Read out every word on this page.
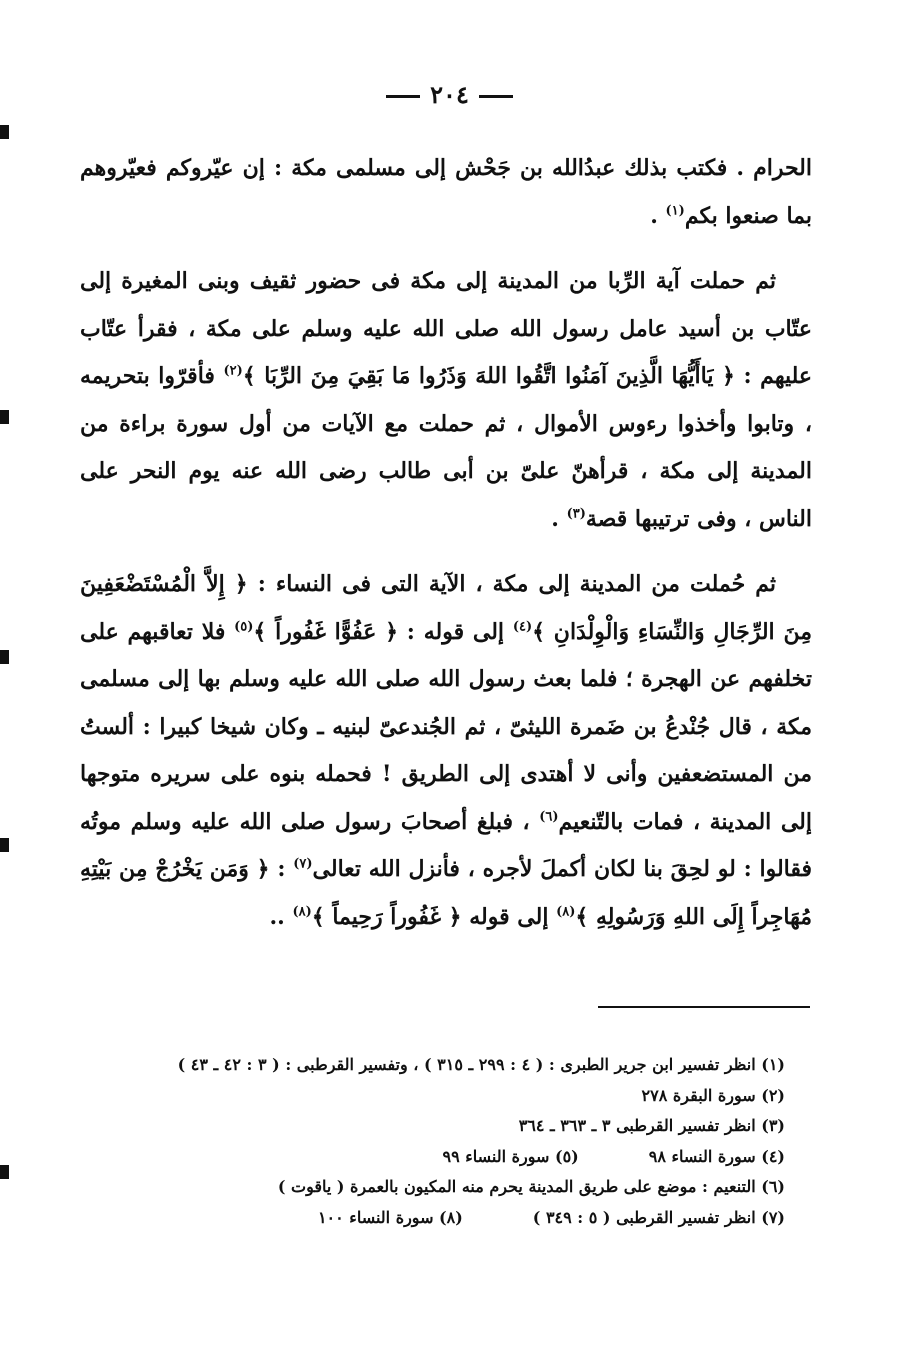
٢٠٤

الحرام . فكتب بذلك عبدُالله بن جَحْش إلى مسلمى مكة : إن عيّروكم فعيّروهم بما صنعوا بكم$^{(١)}$ .

ثم حملت آية الرِّبا من المدينة إلى مكة فى حضور ثقيف وبنى المغيرة إلى عتّاب بن أسيد عامل رسول الله صلى الله عليه وسلم على مكة ، فقرأ عتّاب عليهم : ﴿ يَاأَيُّهَا الَّذِينَ آمَنُوا اتَّقُوا اللهَ وَذَرُوا مَا بَقِيَ مِنَ الرِّبَا ﴾$^{(٢)}$ فأقرّوا بتحريمه ، وتابوا وأخذوا رءوس الأموال ، ثم حملت مع الآيات من أول سورة براءة من المدينة إلى مكة ، قرأهنّ علىّ بن أبى طالب رضى الله عنه يوم النحر على الناس ، وفى ترتيبها قصة$^{(٣)}$ .

ثم حُملت من المدينة إلى مكة ، الآية التى فى النساء : ﴿ إِلاَّ الْمُسْتَضْعَفِينَ مِنَ الرِّجَالِ وَالنِّسَاءِ وَالْوِلْدَانِ ﴾$^{(٤)}$ إلى قوله : ﴿ عَفُوًّا غَفُوراً ﴾$^{(٥)}$ فلا تعاقبهم على تخلفهم عن الهجرة ؛ فلما بعث رسول الله صلى الله عليه وسلم بها إلى مسلمى مكة ، قال جُنْدعُ بن ضَمرة الليثىّ ، ثم الجُندعىّ لبنيه ـ وكان شيخا كبيرا : ألستُ من المستضعفين وأنى لا أهتدى إلى الطريق ! فحمله بنوه على سريره متوجها إلى المدينة ، فمات بالتّنعيم$^{(٦)}$ ، فبلغ أصحابَ رسول صلى الله عليه وسلم موتُه فقالوا : لو لحِقَ بنا لكان أكملَ لأجره ، فأنزل الله تعالى$^{(٧)}$ : ﴿ وَمَن يَخْرُجْ مِن بَيْتِهِ مُهَاجِراً إِلَى اللهِ وَرَسُولِهِ ﴾$^{(٨)}$ إلى قوله ﴿ غَفُوراً رَحِيماً ﴾$^{(٨)}$ ..

(١) انظر تفسير ابن جرير الطبرى : ( ٤ : ٢٩٩ ـ ٣١٥ ) ، وتفسير القرطبى : ( ٣ : ٤٢ ـ ٤٣ )
(٢) سورة البقرة ٢٧٨
(٣) انظر تفسير القرطبى ٣ ـ ٣٦٣ ـ ٣٦٤
(٤) سورة النساء ٩٨(٥) سورة النساء ٩٩
(٦) التنعيم : موضع على طريق المدينة يحرم منه المكيون بالعمرة ( ياقوت )
(٧) انظر تفسير القرطبى ( ٥ : ٣٤٩ )(٨) سورة النساء ١٠٠
